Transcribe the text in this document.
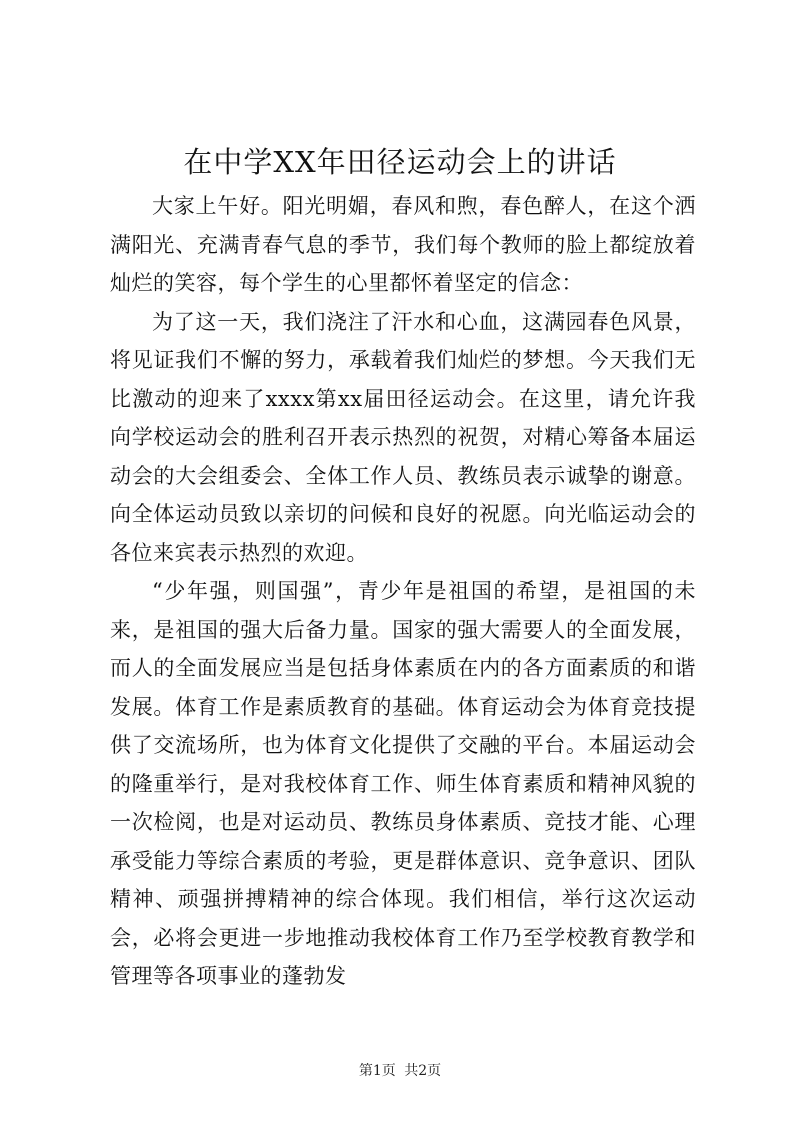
在中学XX年田径运动会上的讲话

大家上午好。阳光明媚，春风和煦，春色醉人，在这个洒满阳光、充满青春气息的季节，我们每个教师的脸上都绽放着灿烂的笑容，每个学生的心里都怀着坚定的信念：

为了这一天，我们浇注了汗水和心血，这满园春色风景，将见证我们不懈的努力，承载着我们灿烂的梦想。今天我们无比激动的迎来了xxxx第xx届田径运动会。在这里，请允许我向学校运动会的胜利召开表示热烈的祝贺，对精心筹备本届运动会的大会组委会、全体工作人员、教练员表示诚挚的谢意。向全体运动员致以亲切的问候和良好的祝愿。向光临运动会的各位来宾表示热烈的欢迎。

“少年强，则国强”，青少年是祖国的希望，是祖国的未来，是祖国的强大后备力量。国家的强大需要人的全面发展，而人的全面发展应当是包括身体素质在内的各方面素质的和谐发展。体育工作是素质教育的基础。体育运动会为体育竞技提供了交流场所，也为体育文化提供了交融的平台。本届运动会的隆重举行，是对我校体育工作、师生体育素质和精神风貌的一次检阅，也是对运动员、教练员身体素质、竞技才能、心理承受能力等综合素质的考验，更是群体意识、竞争意识、团队精神、顽强拼搏精神的综合体现。我们相信，举行这次运动会，必将会更进一步地推动我校体育工作乃至学校教育教学和管理等各项事业的蓬勃发

第1页 共2页
